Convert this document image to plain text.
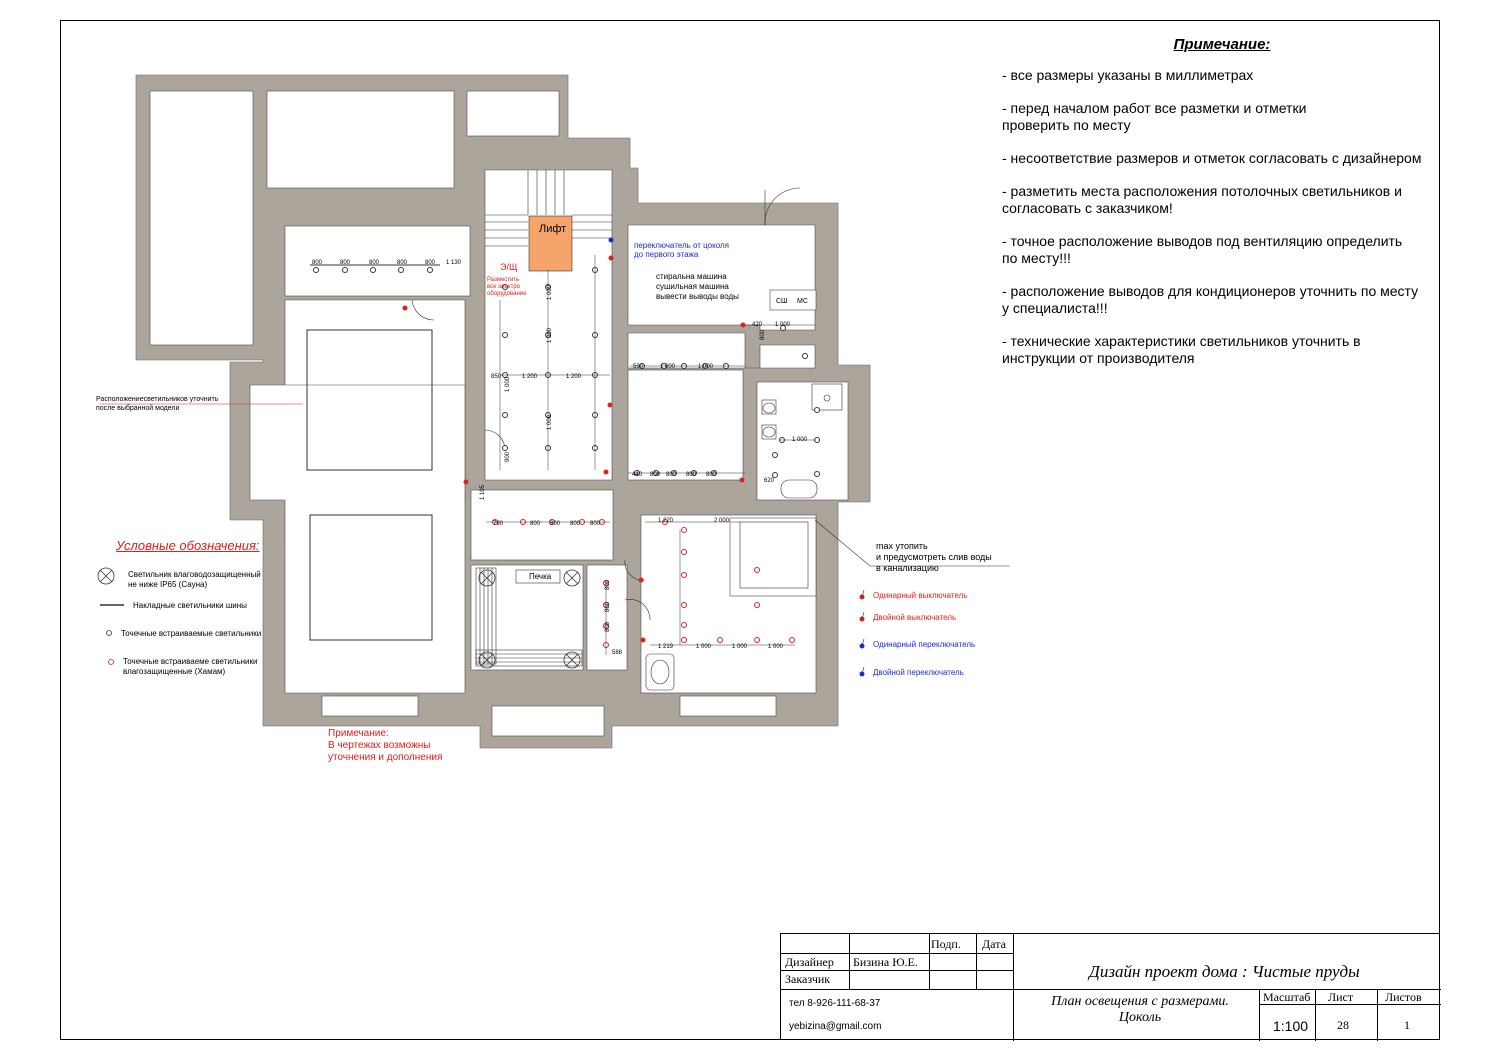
Лифт
Э/Щ
Разместить
все электро
оборудование
переключатель от цоколя
до первого этажа
стиральна машина
сушильная машина
вывести выводы воды
СШ МС
Печка
Расположениесветильников уточнить
после выбранной модели
max утопить
и предусмотреть слив воды
в канализацию
800	800	800	800	800 1 130
1 000
1 000
1 000
1 000
900
850	1 200	1 200
590	1 000	1 000
420 1 000
800
440 800 800 800 800
1 000
620
790	800 800 800 800
800
800
800
588
1 220	2 000
1 219	1 000	1 000	1 000
1 105
Примечание:
- все размеры указаны в миллиметрах
- перед началом работ все разметки и отметки
проверить по месту
- несоответствие размеров и отметок согласовать с дизайнером
- разметить места расположения потолочных светильников и
согласовать с заказчиком!
- точное расположение выводов под вентиляцию определить
по месту!!!
- расположение выводов для кондиционеров уточнить по месту
у специалиста!!!
- технические характеристики светильников уточнить в
инструкции от производителя
Условные обозначения:
Светильник влаговодозащищенный
не ниже IP65 (Сауна)
Накладные светильники шины
Точечные встраиваемые светильники
Точечные встраиваеме светильники
влагозащищенные (Хамам)
Одинарный выключатель
Двойной выключатель
Одинарный переключатель
Двойной переключатель
Примечание:
В чертежах возможны
уточнения и дополнения
Подп. Дата
Дизайнер Бизина Ю.Е.
Заказчик
тел 8-926-111-68-37
yebizina@gmail.com
Дизайн проект дома : Чистые пруды
План освещения с размерами.
Цоколь
Масштаб Лист	Листов
1:100 28	1
